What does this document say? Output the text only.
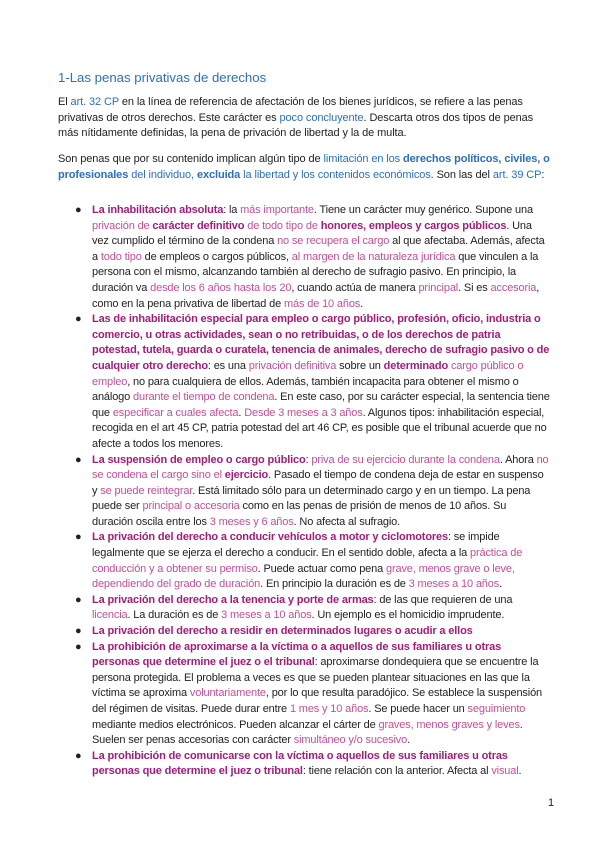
1-Las penas privativas de derechos

El art. 32 CP en la línea de referencia de afectación de los bienes jurídicos, se refiere a las penas privativas de otros derechos. Este carácter es poco concluyente. Descarta otros dos tipos de penas más nítidamente definidas, la pena de privación de libertad y la de multa.

Son penas que por su contenido implican algún tipo de limitación en los derechos políticos, civiles, o profesionales del individuo, excluida la libertad y los contenidos económicos. Son las del art. 39 CP:

● La inhabilitación absoluta: la más importante. Tiene un carácter muy genérico. Supone una privación de carácter definitivo de todo tipo de honores, empleos y cargos públicos. Una vez cumplido el término de la condena no se recupera el cargo al que afectaba. Además, afecta a todo tipo de empleos o cargos públicos, al margen de la naturaleza jurídica que vinculen a la persona con el mismo, alcanzando también al derecho de sufragio pasivo. En principio, la duración va desde los 6 años hasta los 20, cuando actúa de manera principal. Si es accesoria, como en la pena privativa de libertad de más de 10 años.
● Las de inhabilitación especial para empleo o cargo público, profesión, oficio, industria o comercio, u otras actividades, sean o no retribuidas, o de los derechos de patria potestad, tutela, guarda o curatela, tenencia de animales, derecho de sufragio pasivo o de cualquier otro derecho: es una privación definitiva sobre un determinado cargo público o empleo, no para cualquiera de ellos. Además, también incapacita para obtener el mismo o análogo durante el tiempo de condena. En este caso, por su carácter especial, la sentencia tiene que especificar a cuales afecta. Desde 3 meses a 3 años. Algunos tipos: inhabilitación especial, recogida en el art 45 CP, patria potestad del art 46 CP, es posible que el tribunal acuerde que no afecte a todos los menores.
● La suspensión de empleo o cargo público: priva de su ejercicio durante la condena. Ahora no se condena el cargo sino el ejercicio. Pasado el tiempo de condena deja de estar en suspenso y se puede reintegrar. Está limitado sólo para un determinado cargo y en un tiempo. La pena puede ser principal o accesoria como en las penas de prisión de menos de 10 años. Su duración oscila entre los 3 meses y 6 años. No afecta al sufragio.
● La privación del derecho a conducir vehículos a motor y ciclomotores: se impide legalmente que se ejerza el derecho a conducir. En el sentido doble, afecta a la práctica de conducción y a obtener su permiso. Puede actuar como pena grave, menos grave o leve, dependiendo del grado de duración. En principio la duración es de 3 meses a 10 años.
● La privación del derecho a la tenencia y porte de armas: de las que requieren de una licencia. La duración es de 3 meses a 10 años. Un ejemplo es el homicidio imprudente.
● La privación del derecho a residir en determinados lugares o acudir a ellos
● La prohibición de aproximarse a la víctima o a aquellos de sus familiares u otras personas que determine el juez o el tribunal: aproximarse dondequiera que se encuentre la persona protegida. El problema a veces es que se pueden plantear situaciones en las que la víctima se aproxima voluntariamente, por lo que resulta paradójico. Se establece la suspensión del régimen de visitas. Puede durar entre 1 mes y 10 años. Se puede hacer un seguimiento mediante medios electrónicos. Pueden alcanzar el cárter de graves, menos graves y leves. Suelen ser penas accesorias con carácter simultáneo y/o sucesivo.
● La prohibición de comunicarse con la víctima o aquellos de sus familiares u otras personas que determine el juez o tribunal: tiene relación con la anterior. Afecta al visual.
1
